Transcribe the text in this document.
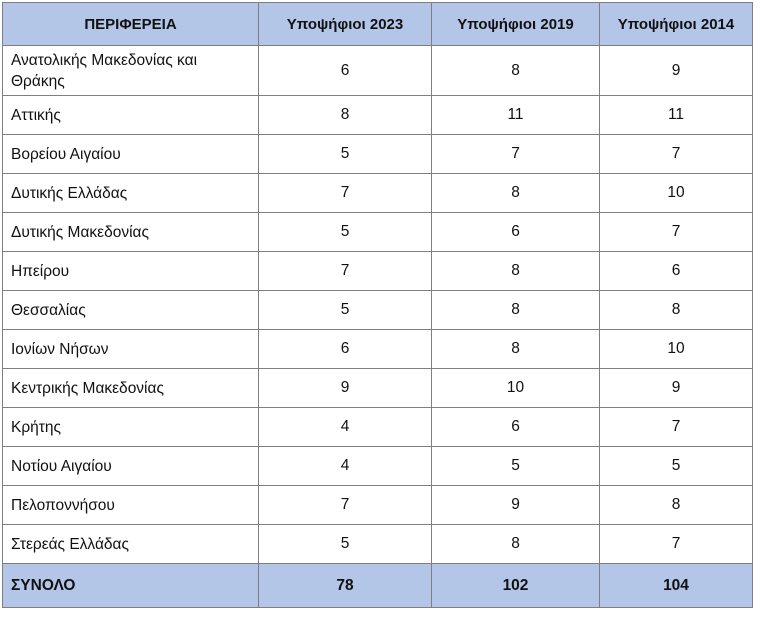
ΠΕΡΙΦΕΡΕΙΑ	Υποψήφιοι 2023	Υποψήφιοι 2019	Υποψήφιοι 2014
Ανατολικής Μακεδονίας και Θράκης	6	8	9
Αττικής	8	11	11
Βορείου Αιγαίου	5	7	7
Δυτικής Ελλάδας	7	8	10
Δυτικής Μακεδονίας	5	6	7
Ηπείρου	7	8	6
Θεσσαλίας	5	8	8
Ιονίων Νήσων	6	8	10
Κεντρικής Μακεδονίας	9	10	9
Κρήτης	4	6	7
Νοτίου Αιγαίου	4	5	5
Πελοποννήσου	7	9	8
Στερεάς Ελλάδας	5	8	7
ΣΥΝΟΛΟ	78	102	104
